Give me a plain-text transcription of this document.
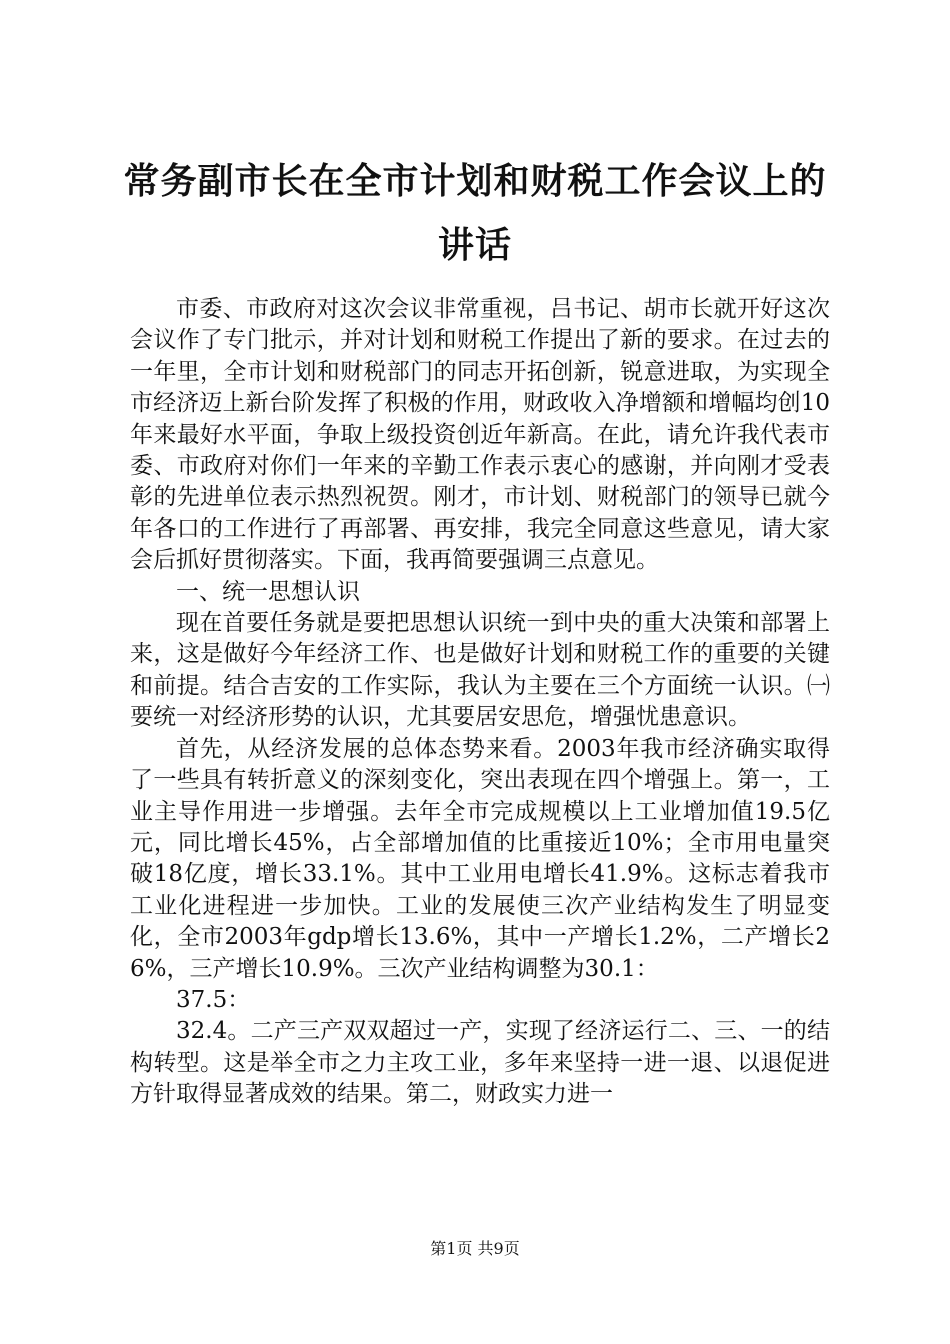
常务副市长在全市计划和财税工作会议上的讲话

市委、市政府对这次会议非常重视，吕书记、胡市长就开好这次会议作了专门批示，并对计划和财税工作提出了新的要求。在过去的一年里，全市计划和财税部门的同志开拓创新，锐意进取，为实现全市经济迈上新台阶发挥了积极的作用，财政收入净增额和增幅均创10年来最好水平面，争取上级投资创近年新高。在此，请允许我代表市委、市政府对你们一年来的辛勤工作表示衷心的感谢，并向刚才受表彰的先进单位表示热烈祝贺。刚才，市计划、财税部门的领导已就今年各口的工作进行了再部署、再安排，我完全同意这些意见，请大家会后抓好贯彻落实。下面，我再简要强调三点意见。

一、统一思想认识

现在首要任务就是要把思想认识统一到中央的重大决策和部署上来，这是做好今年经济工作、也是做好计划和财税工作的重要的关键和前提。结合吉安的工作实际，我认为主要在三个方面统一认识。㈠要统一对经济形势的认识，尤其要居安思危，增强忧患意识。

首先，从经济发展的总体态势来看。2003年我市经济确实取得了一些具有转折意义的深刻变化，突出表现在四个增强上。第一，工业主导作用进一步增强。去年全市完成规模以上工业增加值19.5亿元，同比增长45%，占全部增加值的比重接近10%；全市用电量突破18亿度，增长33.1%。其中工业用电增长41.9%。这标志着我市工业化进程进一步加快。工业的发展使三次产业结构发生了明显变化，全市2003年gdp增长13.6%，其中一产增长1.2%，二产增长26%，三产增长10.9%。三次产业结构调整为30.1：

37.5：

32.4。二产三产双双超过一产，实现了经济运行二、三、一的结构转型。这是举全市之力主攻工业，多年来坚持一进一退、以退促进方针取得显著成效的结果。第二，财政实力进一

第1页 共9页
